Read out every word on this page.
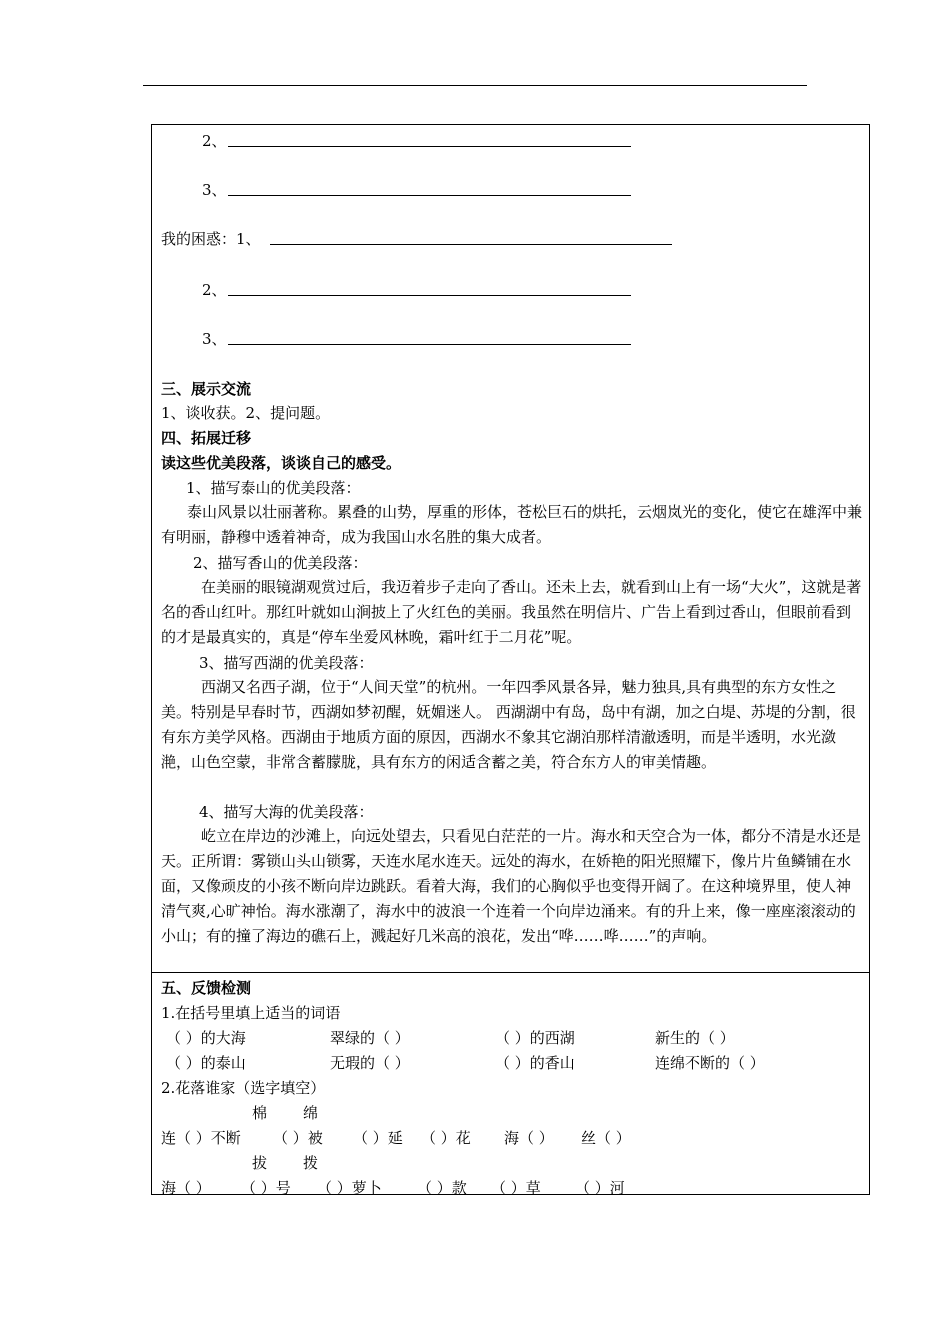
2、
3、
我的困惑：1、
2、
3、
三、展示交流
1、谈收获。2、提问题。
四、拓展迁移
读这些优美段落，谈谈自己的感受。
1、描写泰山的优美段落：
泰山风景以壮丽著称。累叠的山势，厚重的形体，苍松巨石的烘托，云烟岚光的变化，使它在雄浑中兼有明丽，静穆中透着神奇，成为我国山水名胜的集大成者。
2、描写香山的优美段落：
在美丽的眼镜湖观赏过后，我迈着步子走向了香山。还未上去，就看到山上有一场“大火”，这就是著名的香山红叶。那红叶就如山涧披上了火红色的美丽。我虽然在明信片、广告上看到过香山，但眼前看到的才是最真实的，真是“停车坐爱风林晚，霜叶红于二月花”呢。
3、描写西湖的优美段落：
西湖又名西子湖，位于“人间天堂”的杭州。一年四季风景各异，魅力独具,具有典型的东方女性之美。特别是早春时节，西湖如梦初醒，妩媚迷人。 西湖湖中有岛，岛中有湖，加之白堤、苏堤的分割，很有东方美学风格。西湖由于地质方面的原因，西湖水不象其它湖泊那样清澈透明，而是半透明，水光潋滟，山色空蒙，非常含蓄朦胧，具有东方的闲适含蓄之美，符合东方人的审美情趣。
4、描写大海的优美段落：
屹立在岸边的沙滩上，向远处望去，只看见白茫茫的一片。海水和天空合为一体，都分不清是水还是天。正所谓：雾锁山头山锁雾，天连水尾水连天。远处的海水，在娇艳的阳光照耀下，像片片鱼鳞铺在水面，又像顽皮的小孩不断向岸边跳跃。看着大海，我们的心胸似乎也变得开阔了。在这种境界里，使人神清气爽,心旷神怡。海水涨潮了，海水中的波浪一个连着一个向岸边涌来。有的升上来，像一座座滚滚动的小山；有的撞了海边的礁石上，溅起好几米高的浪花，发出“哗……哗……”的声响。
五、反馈检测
1.在括号里填上适当的词语
（ ）的大海	翠绿的（ ）	（ ）的西湖	新生的（ ）
（ ）的泰山	无瑕的（ ）	（ ）的香山	连绵不断的（ ）
2.花落谁家（选字填空）
棉 绵
连（ ）不断 （ ）被 （ ）延 （ ）花 海（ ） 丝（ ）
拔 拨
海（ ） （ ）号 （ ）萝卜 （ ）款 （ ）草 （ ）河
